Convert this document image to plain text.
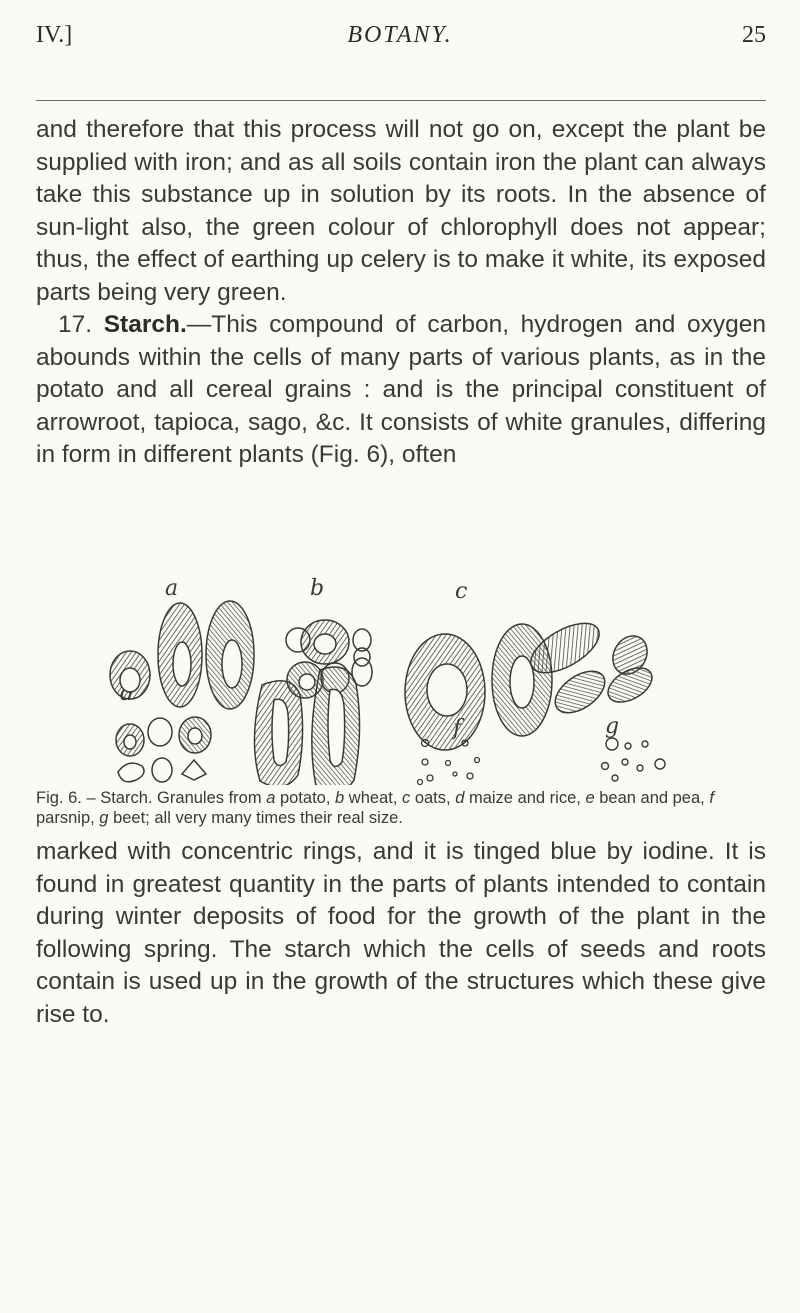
IV.]	BOTANY.	25

and therefore that this process will not go on, except the plant be supplied with iron; and as all soils contain iron the plant can always take this substance up in solution by its roots. In the absence of sun-light also, the green colour of chlorophyll does not appear; thus, the effect of earthing up celery is to make it white, its exposed parts being very green.
17. Starch.—This compound of carbon, hydrogen and oxygen abounds within the cells of many parts of various plants, as in the potato and all cereal grains : and is the principal constituent of arrowroot, tapioca, sago, &c. It consists of white granules, differing in form in different plants (Fig. 6), often

a	b	c
g

Fig. 6. – Starch. Granules from a potato, b wheat, c oats, d maize and rice, e bean and pea, f parsnip, g beet; all very many times their real size.

marked with concentric rings, and it is tinged blue by iodine. It is found in greatest quantity in the parts of plants intended to contain during winter deposits of food for the growth of the plant in the following spring. The starch which the cells of seeds and roots contain is used up in the growth of the structures which these give rise to.
